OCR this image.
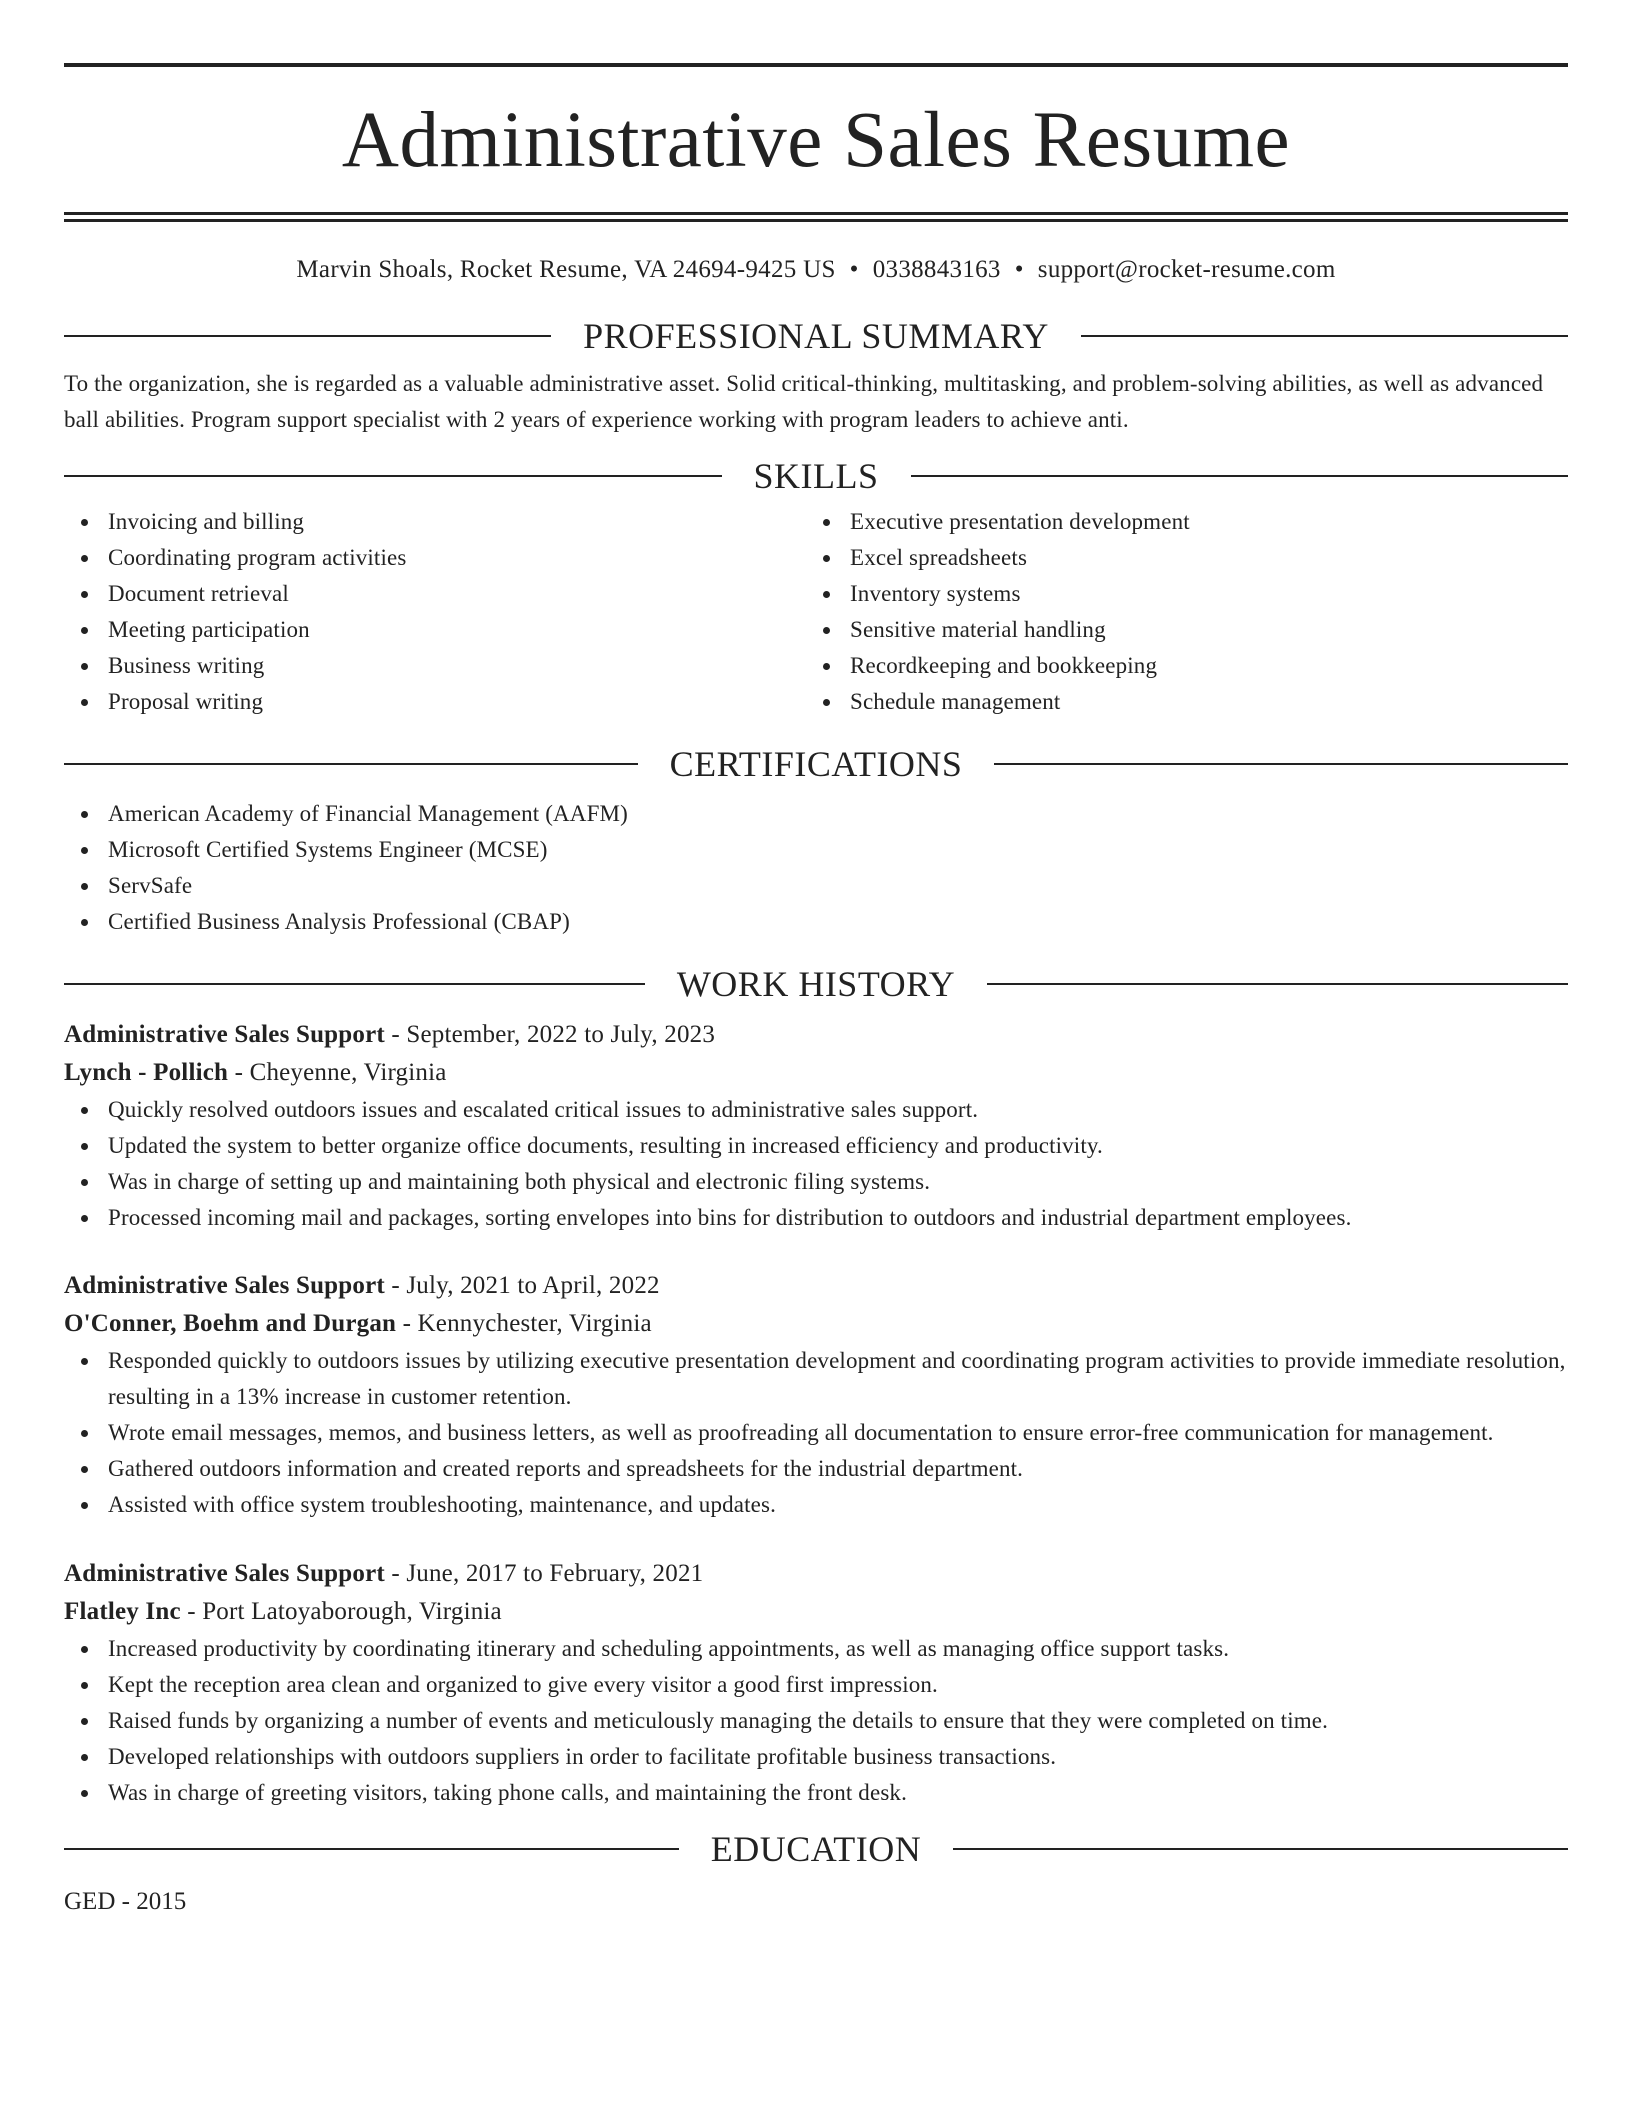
Administrative Sales Resume
Marvin Shoals, Rocket Resume, VA 24694-9425 US • 0338843163 • support@rocket-resume.com
PROFESSIONAL SUMMARY
To the organization, she is regarded as a valuable administrative asset. Solid critical-thinking, multitasking, and problem-solving abilities, as well as advanced ball abilities. Program support specialist with 2 years of experience working with program leaders to achieve anti.
SKILLS
Invoicing and billing
Coordinating program activities
Document retrieval
Meeting participation
Business writing
Proposal writing
Executive presentation development
Excel spreadsheets
Inventory systems
Sensitive material handling
Recordkeeping and bookkeeping
Schedule management
CERTIFICATIONS
American Academy of Financial Management (AAFM)
Microsoft Certified Systems Engineer (MCSE)
ServSafe
Certified Business Analysis Professional (CBAP)
WORK HISTORY
Administrative Sales Support - September, 2022 to July, 2023
Lynch - Pollich - Cheyenne, Virginia
Quickly resolved outdoors issues and escalated critical issues to administrative sales support.
Updated the system to better organize office documents, resulting in increased efficiency and productivity.
Was in charge of setting up and maintaining both physical and electronic filing systems.
Processed incoming mail and packages, sorting envelopes into bins for distribution to outdoors and industrial department employees.
Administrative Sales Support - July, 2021 to April, 2022
O'Conner, Boehm and Durgan - Kennychester, Virginia
Responded quickly to outdoors issues by utilizing executive presentation development and coordinating program activities to provide immediate resolution, resulting in a 13% increase in customer retention.
Wrote email messages, memos, and business letters, as well as proofreading all documentation to ensure error-free communication for management.
Gathered outdoors information and created reports and spreadsheets for the industrial department.
Assisted with office system troubleshooting, maintenance, and updates.
Administrative Sales Support - June, 2017 to February, 2021
Flatley Inc - Port Latoyaborough, Virginia
Increased productivity by coordinating itinerary and scheduling appointments, as well as managing office support tasks.
Kept the reception area clean and organized to give every visitor a good first impression.
Raised funds by organizing a number of events and meticulously managing the details to ensure that they were completed on time.
Developed relationships with outdoors suppliers in order to facilitate profitable business transactions.
Was in charge of greeting visitors, taking phone calls, and maintaining the front desk.
EDUCATION
GED - 2015
